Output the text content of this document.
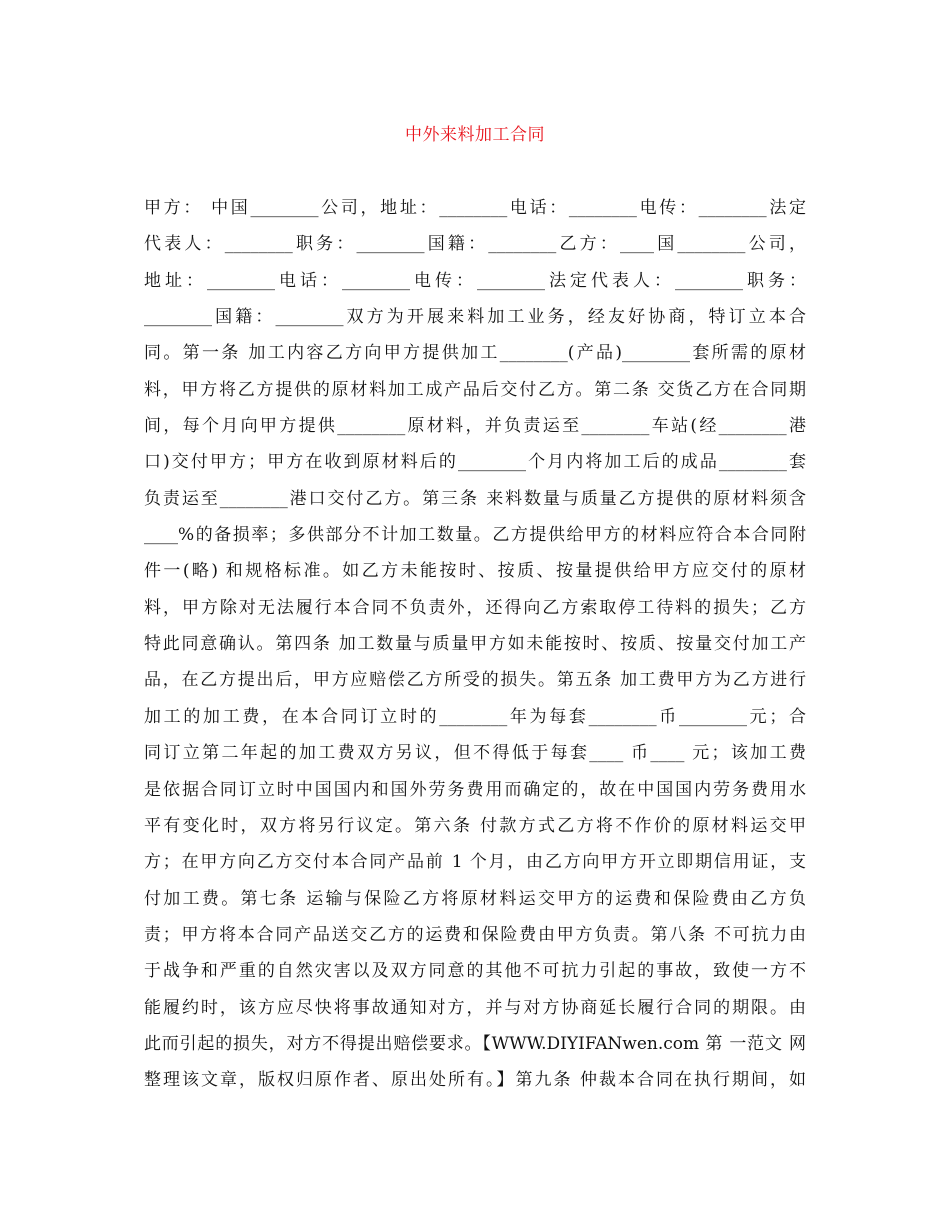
中外来料加工合同
甲方： 中国________公司，地址：________电话：________电传：________法定
代表人：________职务：________国籍：________乙方：____国________公司，
地址：________电话：________电传：________法定代表人：________职务：
________国籍：________双方为开展来料加工业务，经友好协商，特订立本合
同。第一条 加工内容乙方向甲方提供加工________(产品)________套所需的原材
料，甲方将乙方提供的原材料加工成产品后交付乙方。第二条 交货乙方在合同期
间，每个月向甲方提供________原材料，并负责运至________车站(经________港
口)交付甲方；甲方在收到原材料后的________个月内将加工后的成品________套
负责运至________港口交付乙方。第三条 来料数量与质量乙方提供的原材料须含
____%的备损率；多供部分不计加工数量。乙方提供给甲方的材料应符合本合同附
件一(略) 和规格标准。如乙方未能按时、按质、按量提供给甲方应交付的原材
料，甲方除对无法履行本合同不负责外，还得向乙方索取停工待料的损失；乙方
特此同意确认。第四条 加工数量与质量甲方如未能按时、按质、按量交付加工产
品，在乙方提出后，甲方应赔偿乙方所受的损失。第五条 加工费甲方为乙方进行
加工的加工费，在本合同订立时的________年为每套________币________元；合
同订立第二年起的加工费双方另议，但不得低于每套____ 币____ 元；该加工费
是依据合同订立时中国国内和国外劳务费用而确定的，故在中国国内劳务费用水
平有变化时，双方将另行议定。第六条 付款方式乙方将不作价的原材料运交甲
方；在甲方向乙方交付本合同产品前 1 个月，由乙方向甲方开立即期信用证，支
付加工费。第七条 运输与保险乙方将原材料运交甲方的运费和保险费由乙方负
责；甲方将本合同产品送交乙方的运费和保险费由甲方负责。第八条 不可抗力由
于战争和严重的自然灾害以及双方同意的其他不可抗力引起的事故，致使一方不
能履约时，该方应尽快将事故通知对方，并与对方协商延长履行合同的期限。由
此而引起的损失，对方不得提出赔偿要求。【WWW.DIYIFANwen.com 第 一范文 网
整理该文章，版权归原作者、原出处所有。】第九条 仲裁本合同在执行期间，如
